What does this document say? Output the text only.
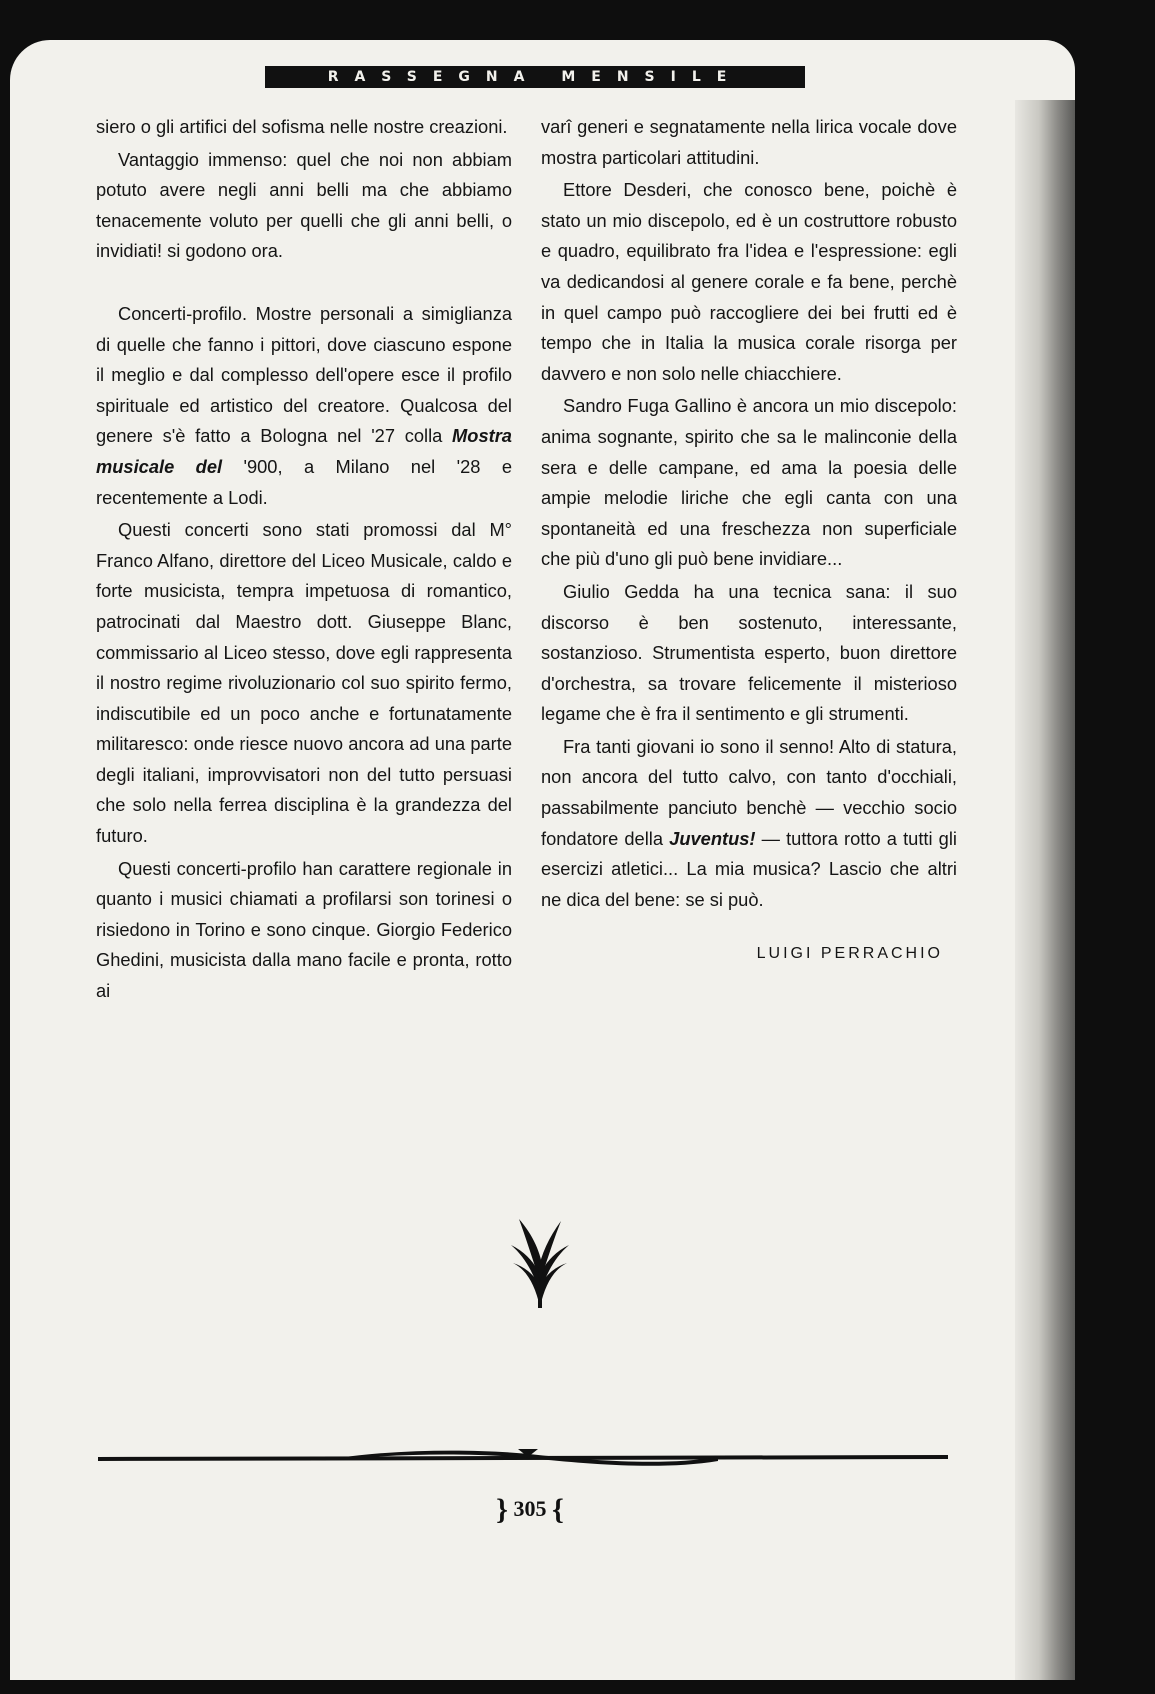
RASSEGNA MENSILE

siero o gli artifici del sofisma nelle nostre creazioni.

Vantaggio immenso: quel che noi non abbiam potuto avere negli anni belli ma che abbiamo tenacemente voluto per quelli che gli anni belli, o invidiati! si godono ora.

Concerti-profilo. Mostre personali a simiglianza di quelle che fanno i pittori, dove ciascuno espone il meglio e dal complesso dell'opere esce il profilo spirituale ed artistico del creatore. Qualcosa del genere s'è fatto a Bologna nel '27 colla Mostra musicale del '900, a Milano nel '28 e recentemente a Lodi.

Questi concerti sono stati promossi dal M° Franco Alfano, direttore del Liceo Musicale, caldo e forte musicista, tempra impetuosa di romantico, patrocinati dal Maestro dott. Giuseppe Blanc, commissario al Liceo stesso, dove egli rappresenta il nostro regime rivoluzionario col suo spirito fermo, indiscutibile ed un poco anche e fortunatamente militaresco: onde riesce nuovo ancora ad una parte degli italiani, improvvisatori non del tutto persuasi che solo nella ferrea disciplina è la grandezza del futuro.

Questi concerti-profilo han carattere regionale in quanto i musici chiamati a profilarsi son torinesi o risiedono in Torino e sono cinque. Giorgio Federico Ghedini, musicista dalla mano facile e pronta, rotto ai

varî generi e segnatamente nella lirica vocale dove mostra particolari attitudini.

Ettore Desderi, che conosco bene, poichè è stato un mio discepolo, ed è un costruttore robusto e quadro, equilibrato fra l'idea e l'espressione: egli va dedicandosi al genere corale e fa bene, perchè in quel campo può raccogliere dei bei frutti ed è tempo che in Italia la musica corale risorga per davvero e non solo nelle chiacchiere.

Sandro Fuga Gallino è ancora un mio discepolo: anima sognante, spirito che sa le malinconie della sera e delle campane, ed ama la poesia delle ampie melodie liriche che egli canta con una spontaneità ed una freschezza non superficiale che più d'uno gli può bene invidiare...

Giulio Gedda ha una tecnica sana: il suo discorso è ben sostenuto, interessante, sostanzioso. Strumentista esperto, buon direttore d'orchestra, sa trovare felicemente il misterioso legame che è fra il sentimento e gli strumenti.

Fra tanti giovani io sono il senno! Alto di statura, non ancora del tutto calvo, con tanto d'occhiali, passabilmente panciuto benchè — vecchio socio fondatore della Juventus! — tuttora rotto a tutti gli esercizi atletici... La mia musica? Lascio che altri ne dica del bene: se si può.

LUIGI PERRACHIO
} 305 {
